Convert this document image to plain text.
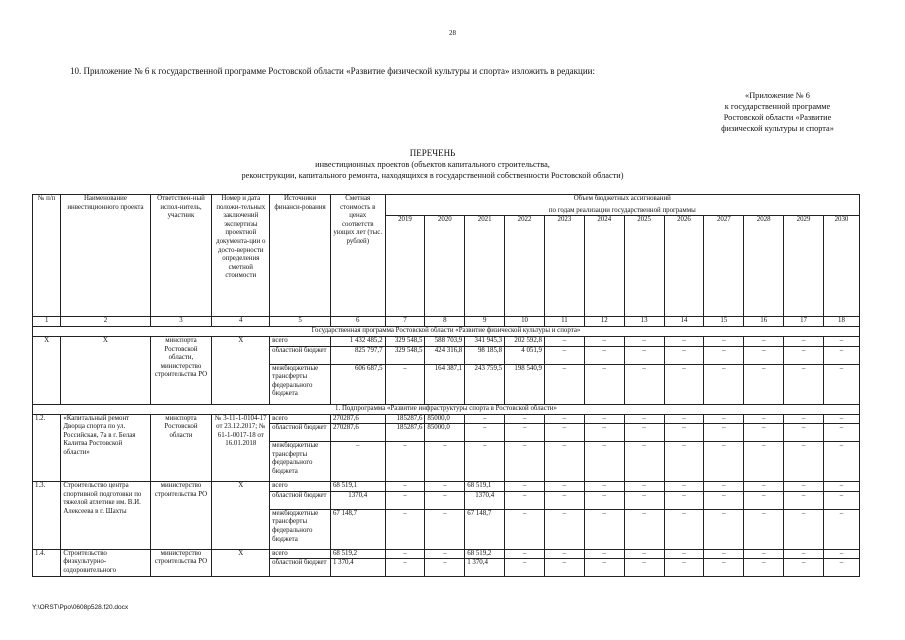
28
10. Приложение № 6 к государственной программе Ростовской области «Развитие физической культуры и спорта» изложить в редакции:
«Приложение № 6
к государственной программе
Ростовской области «Развитие
физической культуры и спорта»
ПЕРЕЧЕНЬ
инвестиционных проектов (объектов капитального строительства,
реконструкции, капитального ремонта, находящихся в государственной собственности Ростовской области)
№ п/п	Наименование инвестиционного проекта	Ответствен-ный испол-нитель, участник	Номер и дата положи-тельных заключений экспертизы проектной документа-ции о досто-верности определения сметной стоимости	Источники финанси-рования	Сметная стоимость в ценах соответств ующих лет (тыс. рублей)	Объем бюджетных ассигнований											
						по годам реализации государственной программы											
						2019	2020	2021	2022	2023	2024	2025	2026	2027	2028	2029	2030
1	2	3	4	5	6	7	8	9	10	11	12	13	14	15	16	17	18
Государственная программа Ростовской области «Развитие физической культуры и спорта»																	
Х	Х	минспорта Ростовской области, министерство строительства РО	Х	всего	1 432 485,2	329 548,5	588 703,9	341 945,3	202 592,8	–	–	–	–	–	–	–	–
				областной бюджет	825 797,7	329 548,5	424 316,8	98 185,8	4 051,9	–	–	–	–	–	–	–	–
				межбюджетные трансферты федерального бюджета	606 687,5	–	164 387,1	243 759,5	198 540,9	–	–	–	–	–	–	–	–
1. Подпрограмма «Развитие инфраструктуры спорта в Ростовской области»																	
1.2.	«Капитальный ремонт Дворца спорта по ул. Российская, 7а в г. Белая Калитва Ростовской области»	минспорта Ростовской области	№ 3-11-1-0104-17 от 23.12.2017; № 61-1-0017-18 от 16.01.2018	всего	270287,6	185287,6	85000,0	–	–	–	–	–	–	–	–	–	–
				областной бюджет	270287,6	185287,6	85000,0	–	–	–	–	–	–	–	–	–	–
				межбюджетные трансферты федерального бюджета	–	–	–	–	–	–	–	–	–	–	–	–	–
1.3.	Строительство центра спортивной подготовки по тяжелой атлетике им. В.И. Алексеева в г. Шахты	министерство строительства РО	Х	всего	68 519,1	–	–	68 519,1	–	–	–	–	–	–	–	–	–
				областной бюджет	1370,4	–	–	1370,4	–	–	–	–	–	–	–	–	–
				межбюджетные трансферты федерального бюджета	67 148,7	–	–	67 148,7	–	–	–	–	–	–	–	–	–
1.4.	Строительство физкультурно-оздоровительного	министерство строительства РО	Х	всего	68 519,2	–	–	68 519,2	–	–	–	–	–	–	–	–	–
				областной бюджет	1 370,4	–	–	1 370,4	–	–	–	–	–	–	–	–	–
Y:\ORST\Ppo\0608p528.f20.docx
